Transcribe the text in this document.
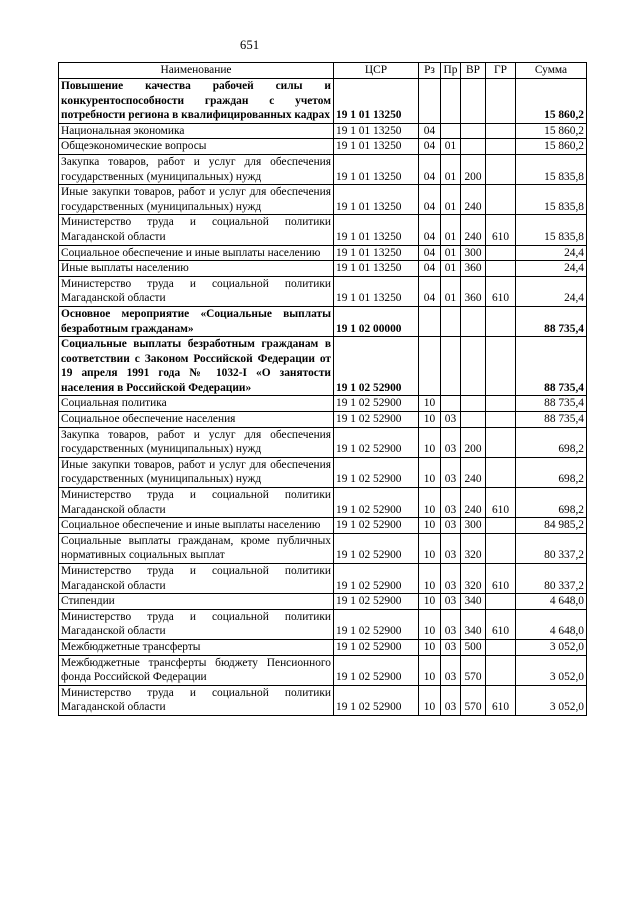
651
Наименование	ЦСР	Рз	Пр	ВР	ГР	Сумма
Повышение качества рабочей силы и конкурентоспособности граждан с учетом потребности региона в квалифицированных кадрах	19 1 01 13250					15 860,2
Национальная экономика	19 1 01 13250	04				15 860,2
Общеэкономические вопросы	19 1 01 13250	04	01			15 860,2
Закупка товаров, работ и услуг для обеспечения государственных (муниципальных) нужд	19 1 01 13250	04	01	200		15 835,8
Иные закупки товаров, работ и услуг для обеспечения государственных (муниципальных) нужд	19 1 01 13250	04	01	240		15 835,8
Министерство труда и социальной политики Магаданской области	19 1 01 13250	04	01	240	610	15 835,8
Социальное обеспечение и иные выплаты населению	19 1 01 13250	04	01	300		24,4
Иные выплаты населению	19 1 01 13250	04	01	360		24,4
Министерство труда и социальной политики Магаданской области	19 1 01 13250	04	01	360	610	24,4
Основное мероприятие «Социальные выплаты безработным гражданам»	19 1 02 00000					88 735,4
Социальные выплаты безработным гражданам в соответствии с Законом Российской Федерации от 19 апреля 1991 года № 1032-I «О занятости населения в Российской Федерации»	19 1 02 52900					88 735,4
Социальная политика	19 1 02 52900	10				88 735,4
Социальное обеспечение населения	19 1 02 52900	10	03			88 735,4
Закупка товаров, работ и услуг для обеспечения государственных (муниципальных) нужд	19 1 02 52900	10	03	200		698,2
Иные закупки товаров, работ и услуг для обеспечения государственных (муниципальных) нужд	19 1 02 52900	10	03	240		698,2
Министерство труда и социальной политики Магаданской области	19 1 02 52900	10	03	240	610	698,2
Социальное обеспечение и иные выплаты населению	19 1 02 52900	10	03	300		84 985,2
Социальные выплаты гражданам, кроме публичных нормативных социальных выплат	19 1 02 52900	10	03	320		80 337,2
Министерство труда и социальной политики Магаданской области	19 1 02 52900	10	03	320	610	80 337,2
Стипендии	19 1 02 52900	10	03	340		4 648,0
Министерство труда и социальной политики Магаданской области	19 1 02 52900	10	03	340	610	4 648,0
Межбюджетные трансферты	19 1 02 52900	10	03	500		3 052,0
Межбюджетные трансферты бюджету Пенсионного фонда Российской Федерации	19 1 02 52900	10	03	570		3 052,0
Министерство труда и социальной политики Магаданской области	19 1 02 52900	10	03	570	610	3 052,0
